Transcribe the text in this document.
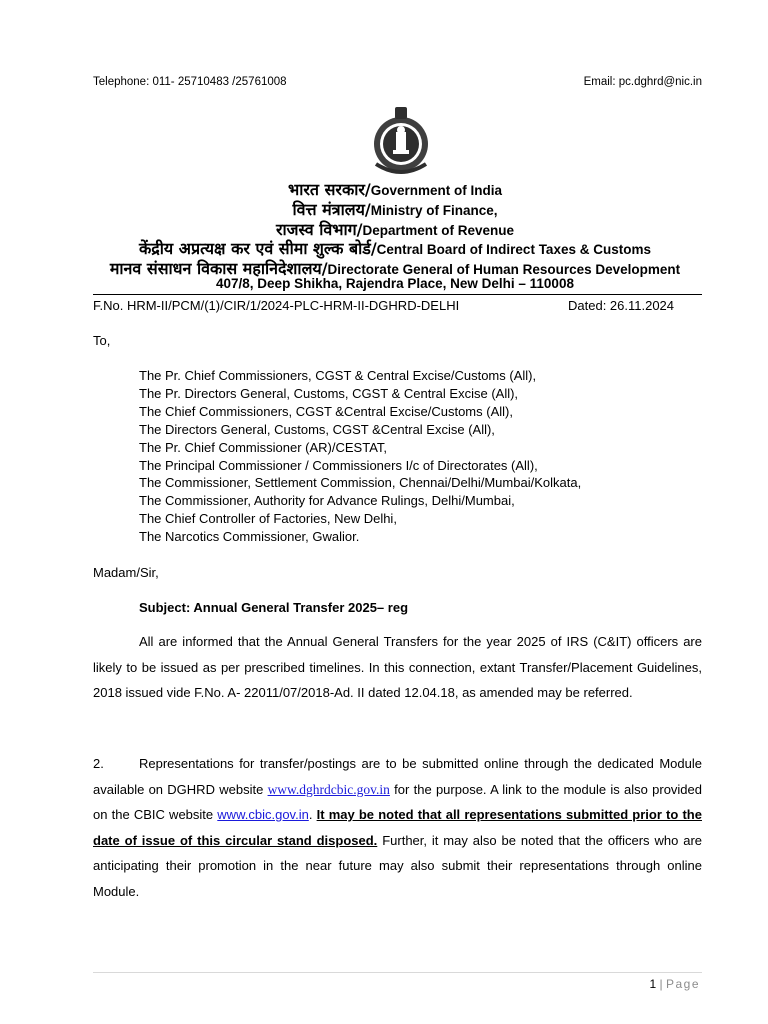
Telephone: 011- 25710483 /25761008	Email: pc.dghrd@nic.in
भारत सरकार/Government of India
वित्त मंत्रालय/Ministry of Finance,
राजस्व विभाग/Department of Revenue
केंद्रीय अप्रत्यक्ष कर एवं सीमा शुल्क बोर्ड/Central Board of Indirect Taxes & Customs
मानव संसाधन विकास महानिदेशालय/Directorate General of Human Resources Development
407/8, Deep Shikha, Rajendra Place, New Delhi – 110008
F.No. HRM-II/PCM/(1)/CIR/1/2024-PLC-HRM-II-DGHRD-DELHI	Dated: 26.11.2024
To,
The Pr. Chief Commissioners, CGST & Central Excise/Customs (All),
The Pr. Directors General, Customs, CGST & Central Excise (All),
The Chief Commissioners, CGST &Central Excise/Customs (All),
The Directors General, Customs, CGST &Central Excise (All),
The Pr. Chief Commissioner (AR)/CESTAT,
The Principal Commissioner / Commissioners I/c of Directorates (All),
The Commissioner, Settlement Commission, Chennai/Delhi/Mumbai/Kolkata,
The Commissioner, Authority for Advance Rulings, Delhi/Mumbai,
The Chief Controller of Factories, New Delhi,
The Narcotics Commissioner, Gwalior.
Madam/Sir,
Subject: Annual General Transfer 2025– reg

All are informed that the Annual General Transfers for the year 2025 of IRS (C&IT) officers are likely to be issued as per prescribed timelines. In this connection, extant Transfer/Placement Guidelines, 2018 issued vide F.No. A- 22011/07/2018-Ad. II dated 12.04.18, as amended may be referred.

2.	Representations for transfer/postings are to be submitted online through the dedicated Module available on DGHRD website www.dghrdcbic.gov.in for the purpose. A link to the module is also provided on the CBIC website www.cbic.gov.in. It may be noted that all representations submitted prior to the date of issue of this circular stand disposed. Further, it may also be noted that the officers who are anticipating their promotion in the near future may also submit their representations through online Module.

1 | Page
